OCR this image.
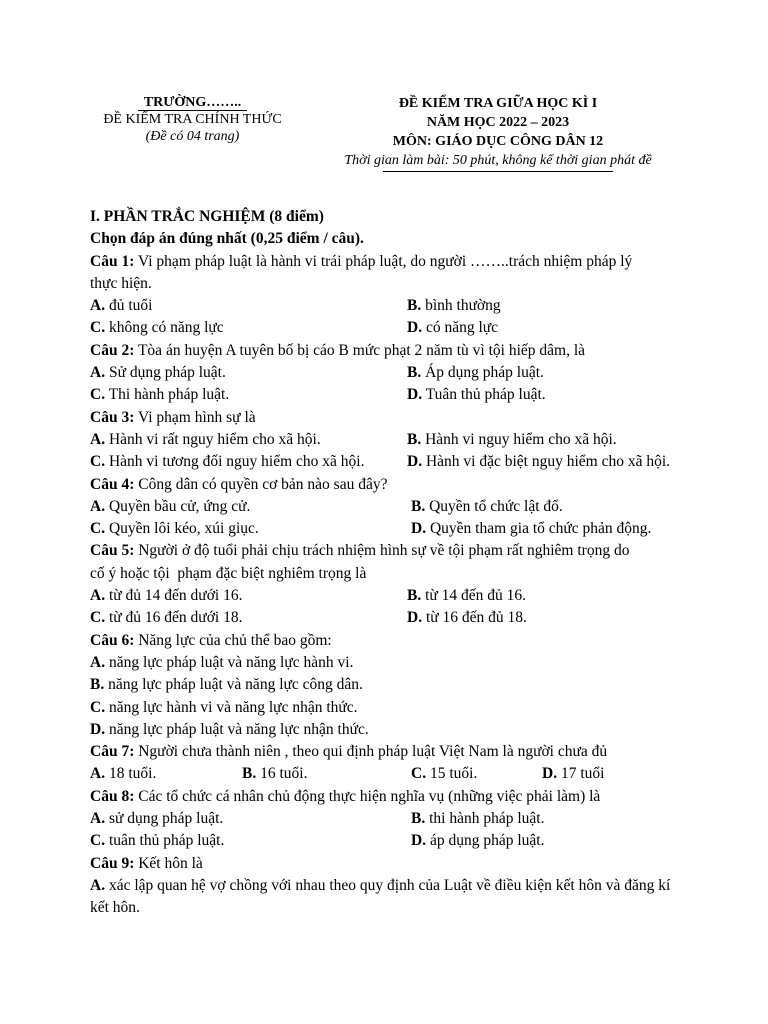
TRƯỜNG……..
ĐỀ KIỂM TRA CHÍNH THỨC
(Đề có 04 trang)
ĐỀ KIỂM TRA GIỮA HỌC KÌ I
NĂM HỌC 2022 – 2023
MÔN: GIÁO DỤC CÔNG DÂN 12
Thời gian làm bài: 50 phút, không kể thời gian phát đề
I. PHẦN TRẮC NGHIỆM (8 điểm)
Chọn đáp án đúng nhất (0,25 điểm / câu).
Câu 1: Vi phạm pháp luật là hành vi trái pháp luật, do người ……..trách nhiệm pháp lý
thực hiện.
A. đủ tuổi	B. bình thường
C. không có năng lực	D. có năng lực
Câu 2: Tòa án huyện A tuyên bố bị cáo B mức phạt 2 năm tù vì tội hiếp dâm, là
A. Sử dụng pháp luật.	B. Áp dụng pháp luật.
C. Thi hành pháp luật.	D. Tuân thủ pháp luật.
Câu 3: Vi phạm hình sự là
A. Hành vi rất nguy hiểm cho xã hội.	B. Hành vi nguy hiểm cho xã hội.
C. Hành vi tương đối nguy hiểm cho xã hội.	D. Hành vi đặc biệt nguy hiểm cho xã hội.
Câu 4: Công dân có quyền cơ bản nào sau đây?
A. Quyền bầu cử, ứng cử.	B. Quyền tổ chức lật đổ.
C. Quyền lôi kéo, xúi giục.	D. Quyền tham gia tổ chức phản động.
Câu 5: Người ở độ tuổi phải chịu trách nhiệm hình sự về tội phạm rất nghiêm trọng do
cố ý hoặc tội  phạm đặc biệt nghiêm trọng là
A. từ đủ 14 đến dưới 16.	B. từ 14 đến đủ 16.
C. từ đủ 16 đến dưới 18.	D. từ 16 đến đủ 18.
Câu 6: Năng lực của chủ thể bao gồm:
A. năng lực pháp luật và năng lực hành vi.
B. năng lực pháp luật và năng lực công dân.
C. năng lực hành vi và năng lực nhận thức.
D. năng lực pháp luật và năng lực nhận thức.
Câu 7: Người chưa thành niên , theo qui định pháp luật Việt Nam là người chưa đủ
A. 18 tuổi.	B. 16 tuổi.	C. 15 tuổi.	D. 17 tuổi
Câu 8: Các tổ chức cá nhân chủ động thực hiện nghĩa vụ (những việc phải làm) là
A. sử dụng pháp luật.	B. thi hành pháp luật.
C. tuân thủ pháp luật.	D. áp dụng pháp luật.
Câu 9: Kết hôn là
A. xác lập quan hệ vợ chồng với nhau theo quy định của Luật về điều kiện kết hôn và đăng kí kết hôn.
